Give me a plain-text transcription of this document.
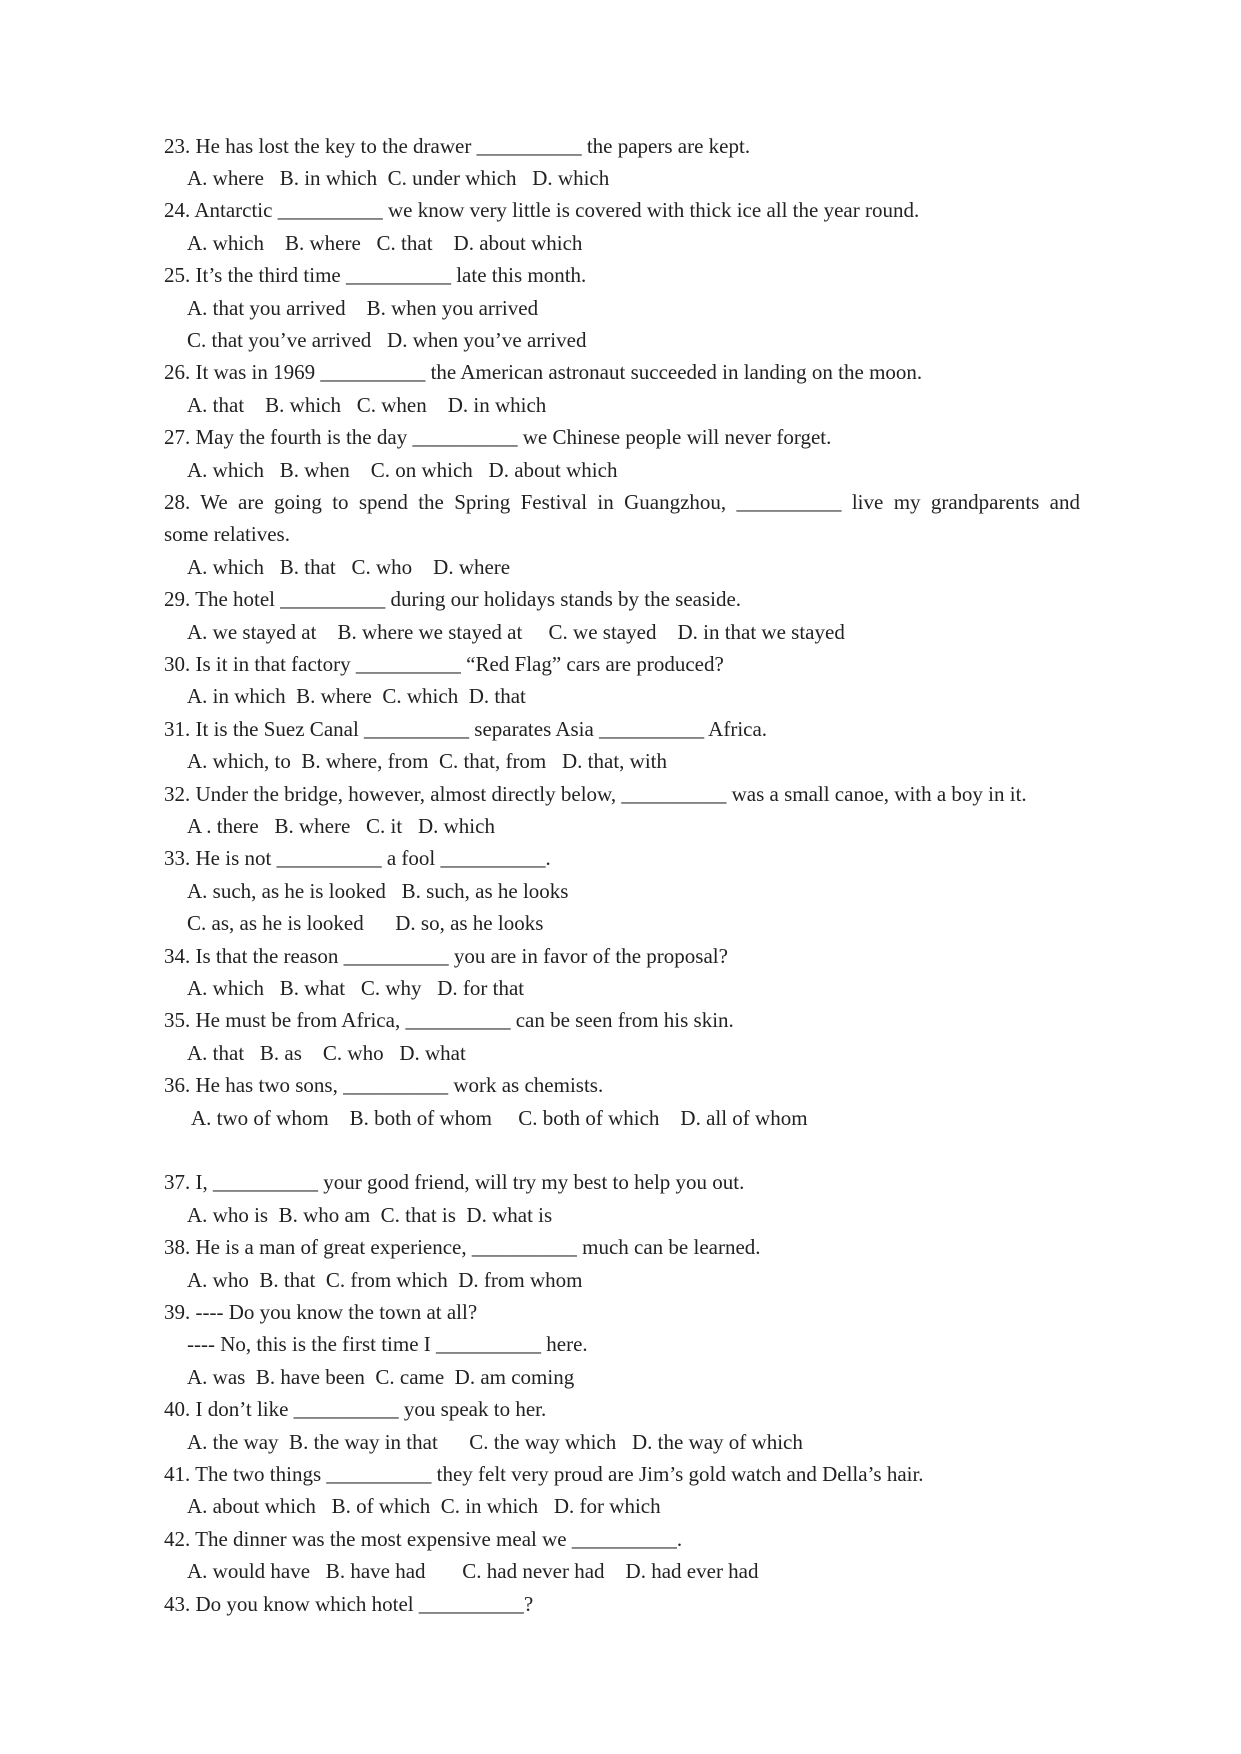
23. He has lost the key to the drawer __________ the papers are kept.
A. where   B. in which  C. under which   D. which
24. Antarctic __________ we know very little is covered with thick ice all the year round.
A. which    B. where   C. that    D. about which
25. It’s the third time __________ late this month.
A. that you arrived    B. when you arrived
C. that you’ve arrived   D. when you’ve arrived
26. It was in 1969 __________ the American astronaut succeeded in landing on the moon.
A. that    B. which   C. when    D. in which
27. May the fourth is the day __________ we Chinese people will never forget.
A. which   B. when    C. on which   D. about which
28. We are going to spend the Spring Festival in Guangzhou, __________ live my grandparents and
some relatives.
A. which   B. that   C. who    D. where
29. The hotel __________ during our holidays stands by the seaside.
A. we stayed at    B. where we stayed at     C. we stayed    D. in that we stayed
30. Is it in that factory __________ “Red Flag” cars are produced?
A. in which  B. where  C. which  D. that
31. It is the Suez Canal __________ separates Asia __________ Africa.
A. which, to  B. where, from  C. that, from   D. that, with
32. Under the bridge, however, almost directly below, __________ was a small canoe, with a boy in it.
A . there   B. where   C. it   D. which
33. He is not __________ a fool __________.
A. such, as he is looked   B. such, as he looks
C. as, as he is looked      D. so, as he looks
34. Is that the reason __________ you are in favor of the proposal?
A. which   B. what   C. why   D. for that
35. He must be from Africa, __________ can be seen from his skin.
A. that   B. as    C. who   D. what
36. He has two sons, __________ work as chemists.
A. two of whom    B. both of whom     C. both of which    D. all of whom
37. I, __________ your good friend, will try my best to help you out.
A. who is  B. who am  C. that is  D. what is
38. He is a man of great experience, __________ much can be learned.
A. who  B. that  C. from which  D. from whom
39. ---- Do you know the town at all?
---- No, this is the first time I __________ here.
A. was  B. have been  C. came  D. am coming
40. I don’t like __________ you speak to her.
A. the way  B. the way in that      C. the way which   D. the way of which
41. The two things __________ they felt very proud are Jim’s gold watch and Della’s hair.
A. about which   B. of which  C. in which   D. for which
42. The dinner was the most expensive meal we __________.
A. would have   B. have had       C. had never had    D. had ever had
43. Do you know which hotel __________?
